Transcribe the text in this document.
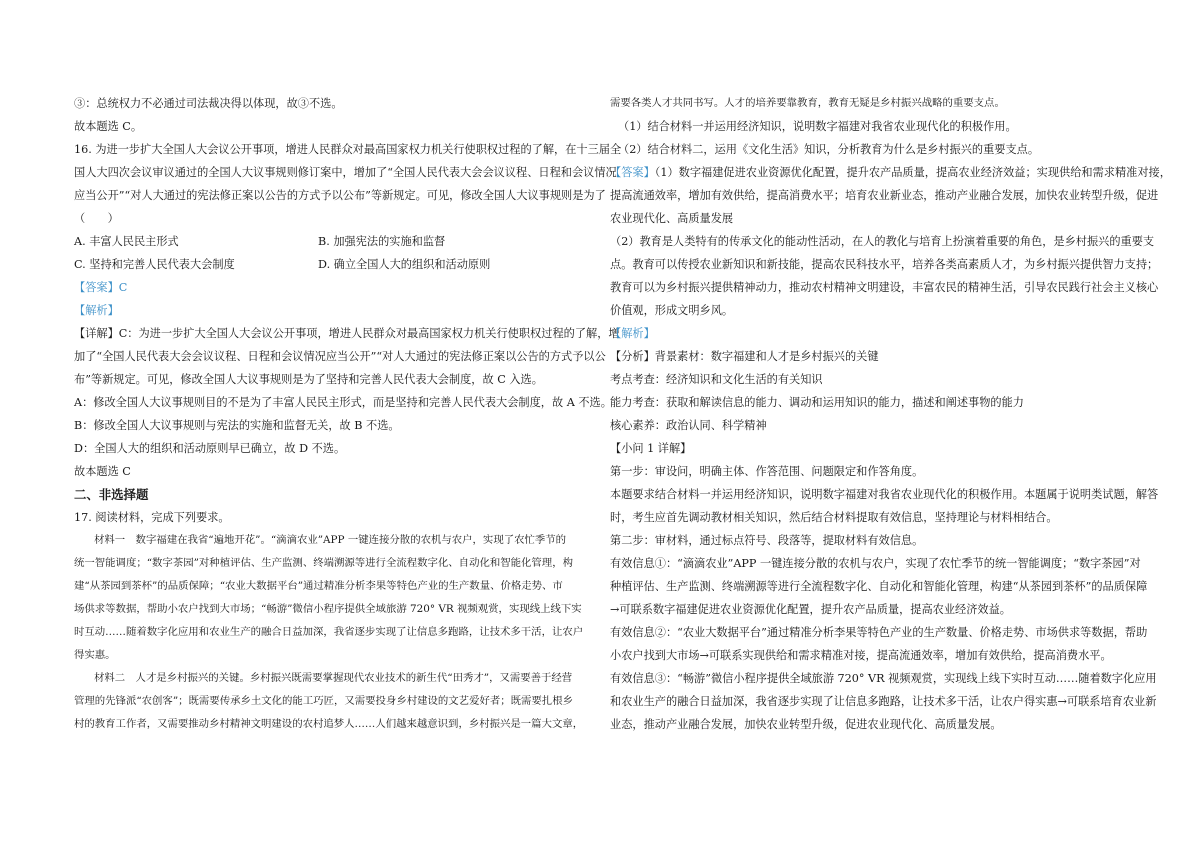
③：总统权力不必通过司法裁决得以体现，故③不选。
故本题选 C。
16. 为进一步扩大全国人大会议公开事项，增进人民群众对最高国家权力机关行使职权过程的了解，在十三届全
国人大四次会议审议通过的全国人大议事规则修订案中，增加了“全国人民代表大会会议议程、日程和会议情况
应当公开”“对人大通过的宪法修正案以公告的方式予以公布”等新规定。可见，修改全国人大议事规则是为了
（　　）
A. 丰富人民民主形式	B. 加强宪法的实施和监督
C. 坚持和完善人民代表大会制度	D. 确立全国人大的组织和活动原则
【答案】C
【解析】
【详解】C：为进一步扩大全国人大会议公开事项，增进人民群众对最高国家权力机关行使职权过程的了解，增
加了“全国人民代表大会会议议程、日程和会议情况应当公开”“对人大通过的宪法修正案以公告的方式予以公
布”等新规定。可见，修改全国人大议事规则是为了坚持和完善人民代表大会制度，故 C 入选。
A：修改全国人大议事规则目的不是为了丰富人民民主形式，而是坚持和完善人民代表大会制度，故 A 不选。
B：修改全国人大议事规则与宪法的实施和监督无关，故 B 不选。
D：全国人大的组织和活动原则早已确立，故 D 不选。
故本题选 C
二、非选择题
17. 阅读材料，完成下列要求。
材料一　数字福建在我省“遍地开花”。“滴滴农业”APP 一键连接分散的农机与农户，实现了农忙季节的
统一智能调度；“数字茶园”对种植评估、生产监测、终端溯源等进行全流程数字化、自动化和智能化管理，构
建“从茶园到茶杯”的品质保障；“农业大数据平台”通过精准分析李果等特色产业的生产数量、价格走势、市
场供求等数据，帮助小农户找到大市场；“畅游”微信小程序提供全域旅游 720° VR 视频观赏，实现线上线下实
时互动……随着数字化应用和农业生产的融合日益加深，我省逐步实现了让信息多跑路，让技术多干活，让农户
得实惠。
材料二　人才是乡村振兴的关键。乡村振兴既需要掌握现代农业技术的新生代“田秀才”，又需要善于经营
管理的先锋派“农创客”；既需要传承乡土文化的能工巧匠，又需要投身乡村建设的文艺爱好者；既需要扎根乡
村的教育工作者，又需要推动乡村精神文明建设的农村追梦人……人们越来越意识到，乡村振兴是一篇大文章，
需要各类人才共同书写。人才的培养要靠教育，教育无疑是乡村振兴战略的重要支点。
（1）结合材料一并运用经济知识，说明数字福建对我省农业现代化的积极作用。
（2）结合材料二，运用《文化生活》知识，分析教育为什么是乡村振兴的重要支点。
【答案】（1）数字福建促进农业资源优化配置，提升农产品质量，提高农业经济效益；实现供给和需求精准对接，
提高流通效率，增加有效供给，提高消费水平；培育农业新业态，推动产业融合发展，加快农业转型升级，促进
农业现代化、高质量发展
（2）教育是人类特有的传承文化的能动性活动，在人的教化与培育上扮演着重要的角色，是乡村振兴的重要支
点。教育可以传授农业新知识和新技能，提高农民科技水平，培养各类高素质人才，为乡村振兴提供智力支持；
教育可以为乡村振兴提供精神动力，推动农村精神文明建设，丰富农民的精神生活，引导农民践行社会主义核心
价值观，形成文明乡风。
【解析】
【分析】背景素材：数字福建和人才是乡村振兴的关键
考点考查：经济知识和文化生活的有关知识
能力考查：获取和解读信息的能力、调动和运用知识的能力，描述和阐述事物的能力
核心素养：政治认同、科学精神
【小问 1 详解】
第一步：审设问，明确主体、作答范围、问题限定和作答角度。
本题要求结合材料一并运用经济知识，说明数字福建对我省农业现代化的积极作用。本题属于说明类试题，解答
时，考生应首先调动教材相关知识，然后结合材料提取有效信息，坚持理论与材料相结合。
第二步：审材料，通过标点符号、段落等，提取材料有效信息。
有效信息①：“滴滴农业”APP 一键连接分散的农机与农户，实现了农忙季节的统一智能调度；“数字茶园”对
种植评估、生产监测、终端溯源等进行全流程数字化、自动化和智能化管理，构建“从茶园到茶杯”的品质保障
→可联系数字福建促进农业资源优化配置，提升农产品质量，提高农业经济效益。
有效信息②：“农业大数据平台”通过精准分析李果等特色产业的生产数量、价格走势、市场供求等数据，帮助
小农户找到大市场→可联系实现供给和需求精准对接，提高流通效率，增加有效供给，提高消费水平。
有效信息③：“畅游”微信小程序提供全域旅游 720° VR 视频观赏，实现线上线下实时互动……随着数字化应用
和农业生产的融合日益加深，我省逐步实现了让信息多跑路，让技术多干活，让农户得实惠→可联系培育农业新
业态，推动产业融合发展，加快农业转型升级，促进农业现代化、高质量发展。
